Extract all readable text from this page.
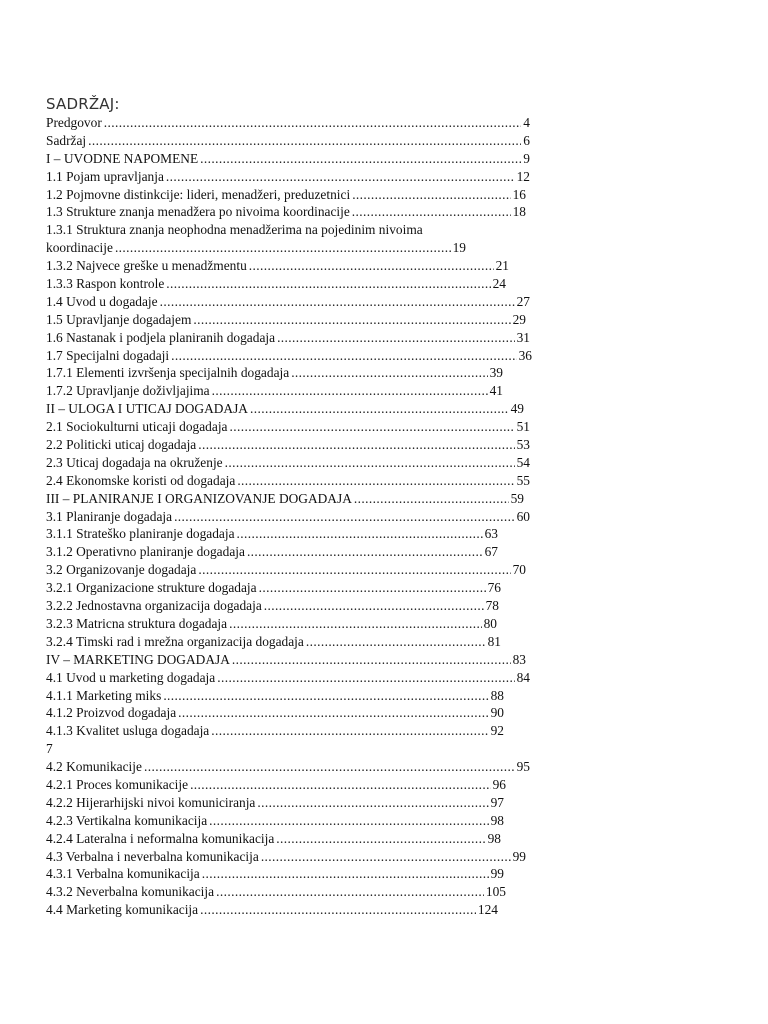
SADRŽAJ:
Predgovor .....	4
Sadržaj .....	6
I – UVODNE NAPOMENE .....	9
1.1 Pojam upravljanja .....	12
1.2 Pojmovne distinkcije: lideri, menadžeri, preduzetnici .....	16
1.3 Strukture znanja menadžera po nivoima koordinacije .....	18
1.3.1 Struktura znanja neophodna menadžerima na pojedinim nivoima
koordinacije .....	19
1.3.2 Najvece greške u menadžmentu .....	21
1.3.3 Raspon kontrole .....	24
1.4 Uvod u dogadaje .....	27
1.5 Upravljanje dogadajem .....	29
1.6 Nastanak i podjela planiranih dogadaja .....	31
1.7 Specijalni dogadaji .....	36
1.7.1 Elementi izvršenja specijalnih dogadaja .....	39
1.7.2 Upravljanje doživljajima .....	41
II – ULOGA I UTICAJ DOGADAJA .....	49
2.1 Sociokulturni uticaji dogadaja .....	51
2.2 Politicki uticaj dogadaja .....	53
2.3 Uticaj dogadaja na okruženje .....	54
2.4 Ekonomske koristi od dogadaja .....	55
III – PLANIRANJE I ORGANIZOVANJE DOGADAJA .....	59
3.1 Planiranje dogadaja .....	60
3.1.1 Strateško planiranje dogadaja .....	63
3.1.2 Operativno planiranje dogadaja .....	67
3.2 Organizovanje dogadaja .....	70
3.2.1 Organizacione strukture dogadaja .....	76
3.2.2 Jednostavna organizacija dogadaja .....	78
3.2.3 Matricna struktura dogadaja .....	80
3.2.4 Timski rad i mrežna organizacija dogadaja .....	81
IV – MARKETING DOGADAJA .....	83
4.1 Uvod u marketing dogadaja .....	84
4.1.1 Marketing miks .....	88
4.1.2 Proizvod dogadaja .....	90
4.1.3 Kvalitet usluga dogadaja .....	92
7
4.2 Komunikacije .....	95
4.2.1 Proces komunikacije .....	96
4.2.2 Hijerarhijski nivoi komuniciranja .....	97
4.2.3 Vertikalna komunikacija .....	98
4.2.4 Lateralna i neformalna komunikacija .....	98
4.3 Verbalna i neverbalna komunikacija .....	99
4.3.1 Verbalna komunikacija .....	99
4.3.2 Neverbalna komunikacija .....	105
4.4 Marketing komunikacija .....	124
